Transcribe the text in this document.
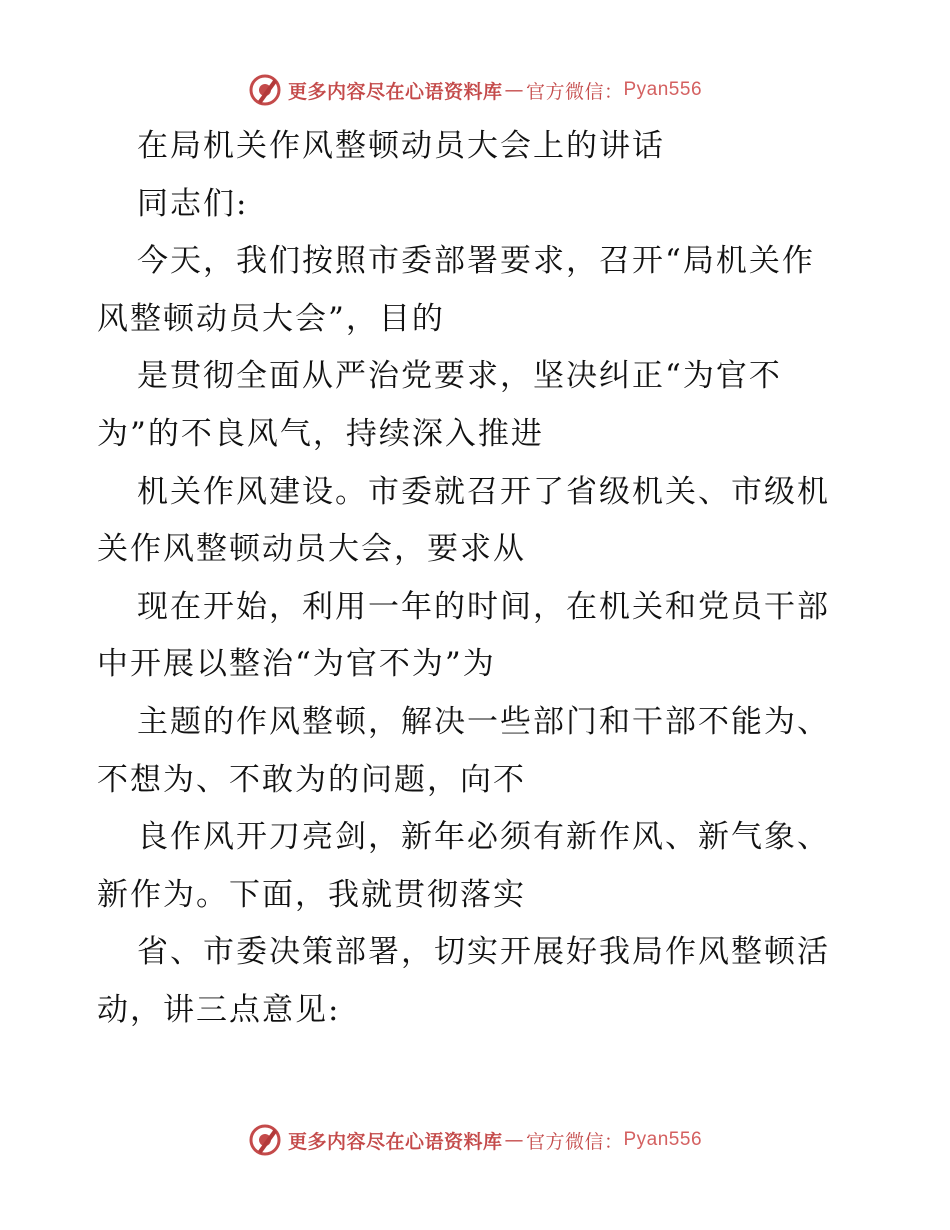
更多内容尽在心语资料库 — 官方微信： Pyan556
在局机关作风整顿动员大会上的讲话
同志们:
今天，我们按照市委部署要求，召开“局机关作
风整顿动员大会”，目的
是贯彻全面从严治党要求，坚决纠正“为官不
为”的不良风气，持续深入推进
机关作风建设。市委就召开了省级机关、市级机
关作风整顿动员大会，要求从
现在开始，利用一年的时间，在机关和党员干部
中开展以整治“为官不为”为
主题的作风整顿，解决一些部门和干部不能为、
不想为、不敢为的问题，向不
良作风开刀亮剑，新年必须有新作风、新气象、
新作为。下面，我就贯彻落实
省、市委决策部署，切实开展好我局作风整顿活
动，讲三点意见:
更多内容尽在心语资料库 — 官方微信： Pyan556
